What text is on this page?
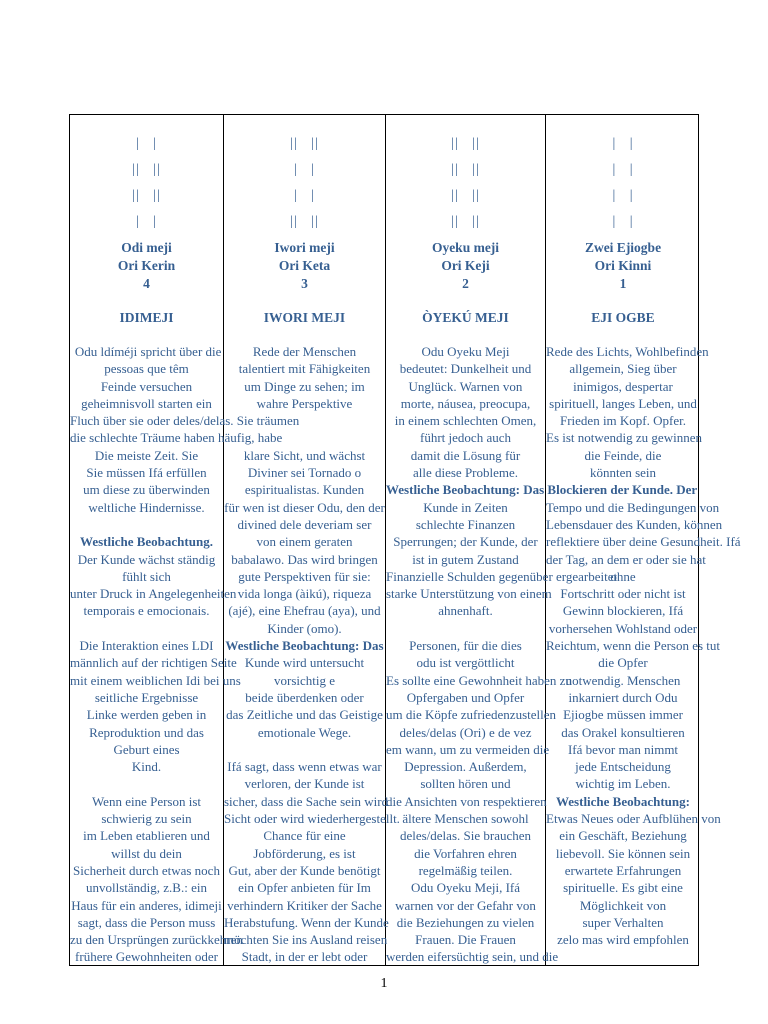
|   |
||   ||
||   ||
|   |
Odi meji
Ori Kerin
4
IDIMEJI
Odu ldíméji spricht über die
pessoas que têm
Feinde versuchen
geheimnisvoll starten ein
Fluch über sie oder deles/delas. Sie träumen
die schlechte Träume haben häufig, habe
Die meiste Zeit. Sie
Sie müssen Ifá erfüllen
um diese zu überwinden
weltliche Hindernisse.

Westliche Beobachtung.
Der Kunde wächst ständig
fühlt sich
unter Druck in Angelegenheiten
temporais e emocionais.

Die Interaktion eines LDI
männlich auf der richtigen Seite
mit einem weiblichen Idi bei uns
seitliche Ergebnisse
Linke werden geben in
Reproduktion und das
Geburt eines
Kind.

Wenn eine Person ist
schwierig zu sein
im Leben etablieren und
willst du dein
Sicherheit durch etwas noch
unvollständig, z.B.: ein
Haus für ein anderes, idimeji
sagt, dass die Person muss
zu den Ursprüngen zurückkehren
frühere Gewohnheiten oder
||   ||
|   |
|   |
||   ||
Iwori meji
Ori Keta
3
IWORI MEJI
Rede der Menschen
talentiert mit Fähigkeiten
um Dinge zu sehen; im
wahre Perspektive

klare Sicht, und wächst
Diviner sei Tornado o
espiritualistas. Kunden
für wen ist dieser Odu, den der
divined dele deveriam ser
von einem geraten
babalawo. Das wird bringen
gute Perspektiven für sie:
vida longa (àikú), riqueza
(ajé), eine Ehefrau (aya), und
Kinder (omo).
Westliche Beobachtung: Das
Kunde wird untersucht
vorsichtig e
beide überdenken oder
das Zeitliche und das Geistige
emotionale Wege.

Ifá sagt, dass wenn etwas war
verloren, der Kunde ist
sicher, dass die Sache sein wird
Sicht oder wird wiederhergestellt.
Chance für eine
Jobförderung, es ist
Gut, aber der Kunde benötigt
ein Opfer anbieten für Im
verhindern Kritiker der Sache
Herabstufung. Wenn der Kunde
möchten Sie ins Ausland reisen
Stadt, in der er lebt oder
||   ||
||   ||
||   ||
||   ||
Oyeku meji
Ori Keji
2
ÒYEKÚ MEJI
Odu Oyeku Meji
bedeutet: Dunkelheit und
Unglück. Warnen von
morte, náusea, preocupa,
in einem schlechten Omen,
führt jedoch auch
damit die Lösung für
alle diese Probleme.
Westliche Beobachtung: Das Blockieren der Kunde. Der
Kunde in Zeiten
schlechte Finanzen
Sperrungen; der Kunde, der
ist in gutem Zustand
Finanzielle Schulden gegenüber ergearbeitet
starke Unterstützung von einem
ahnenhaft.

Personen, für die dies
odu ist vergöttlicht
Es sollte eine Gewohnheit haben zu
Opfergaben und Opfer
um die Köpfe zufriedenzustellen
deles/delas (Ori) e de vez
em wann, um zu vermeiden die
Depression. Außerdem,
sollten hören und
die Ansichten von respektieren
ältere Menschen sowohl
deles/delas. Sie brauchen
die Vorfahren ehren
regelmäßig teilen.
Odu Oyeku Meji, Ifá
warnen vor der Gefahr von
die Beziehungen zu vielen
Frauen. Die Frauen
werden eifersüchtig sein, und die
|   |
|   |
|   |
|   |
Zwei Ejiogbe
Ori Kinni
1
EJI OGBE
Rede des Lichts, Wohlbefinden
allgemein, Sieg über
inimigos, despertar
spirituell, langes Leben, und
Frieden im Kopf. Opfer.
Es ist notwendig zu gewinnen
die Feinde, die
könnten sein

Tempo und die Bedingungen von
Lebensdauer des Kunden, können
reflektiere über deine Gesundheit. Ifá
der Tag, an dem er oder sie hat
ohne
Fortschritt oder nicht ist
Gewinn blockieren, Ifá
vorhersehen Wohlstand oder
Reichtum, wenn die Person es tut
die Opfer
notwendig. Menschen
inkarniert durch Odu
Ejiogbe müssen immer
das Orakel konsultieren
Ifá bevor man nimmt
jede Entscheidung
wichtig im Leben.
Westliche Beobachtung:
Etwas Neues oder Aufblühen von
ein Geschäft, Beziehung
liebevoll. Sie können sein
erwartete Erfahrungen
spirituelle. Es gibt eine
Möglichkeit von
super Verhalten
zelo mas wird empfohlen

1
